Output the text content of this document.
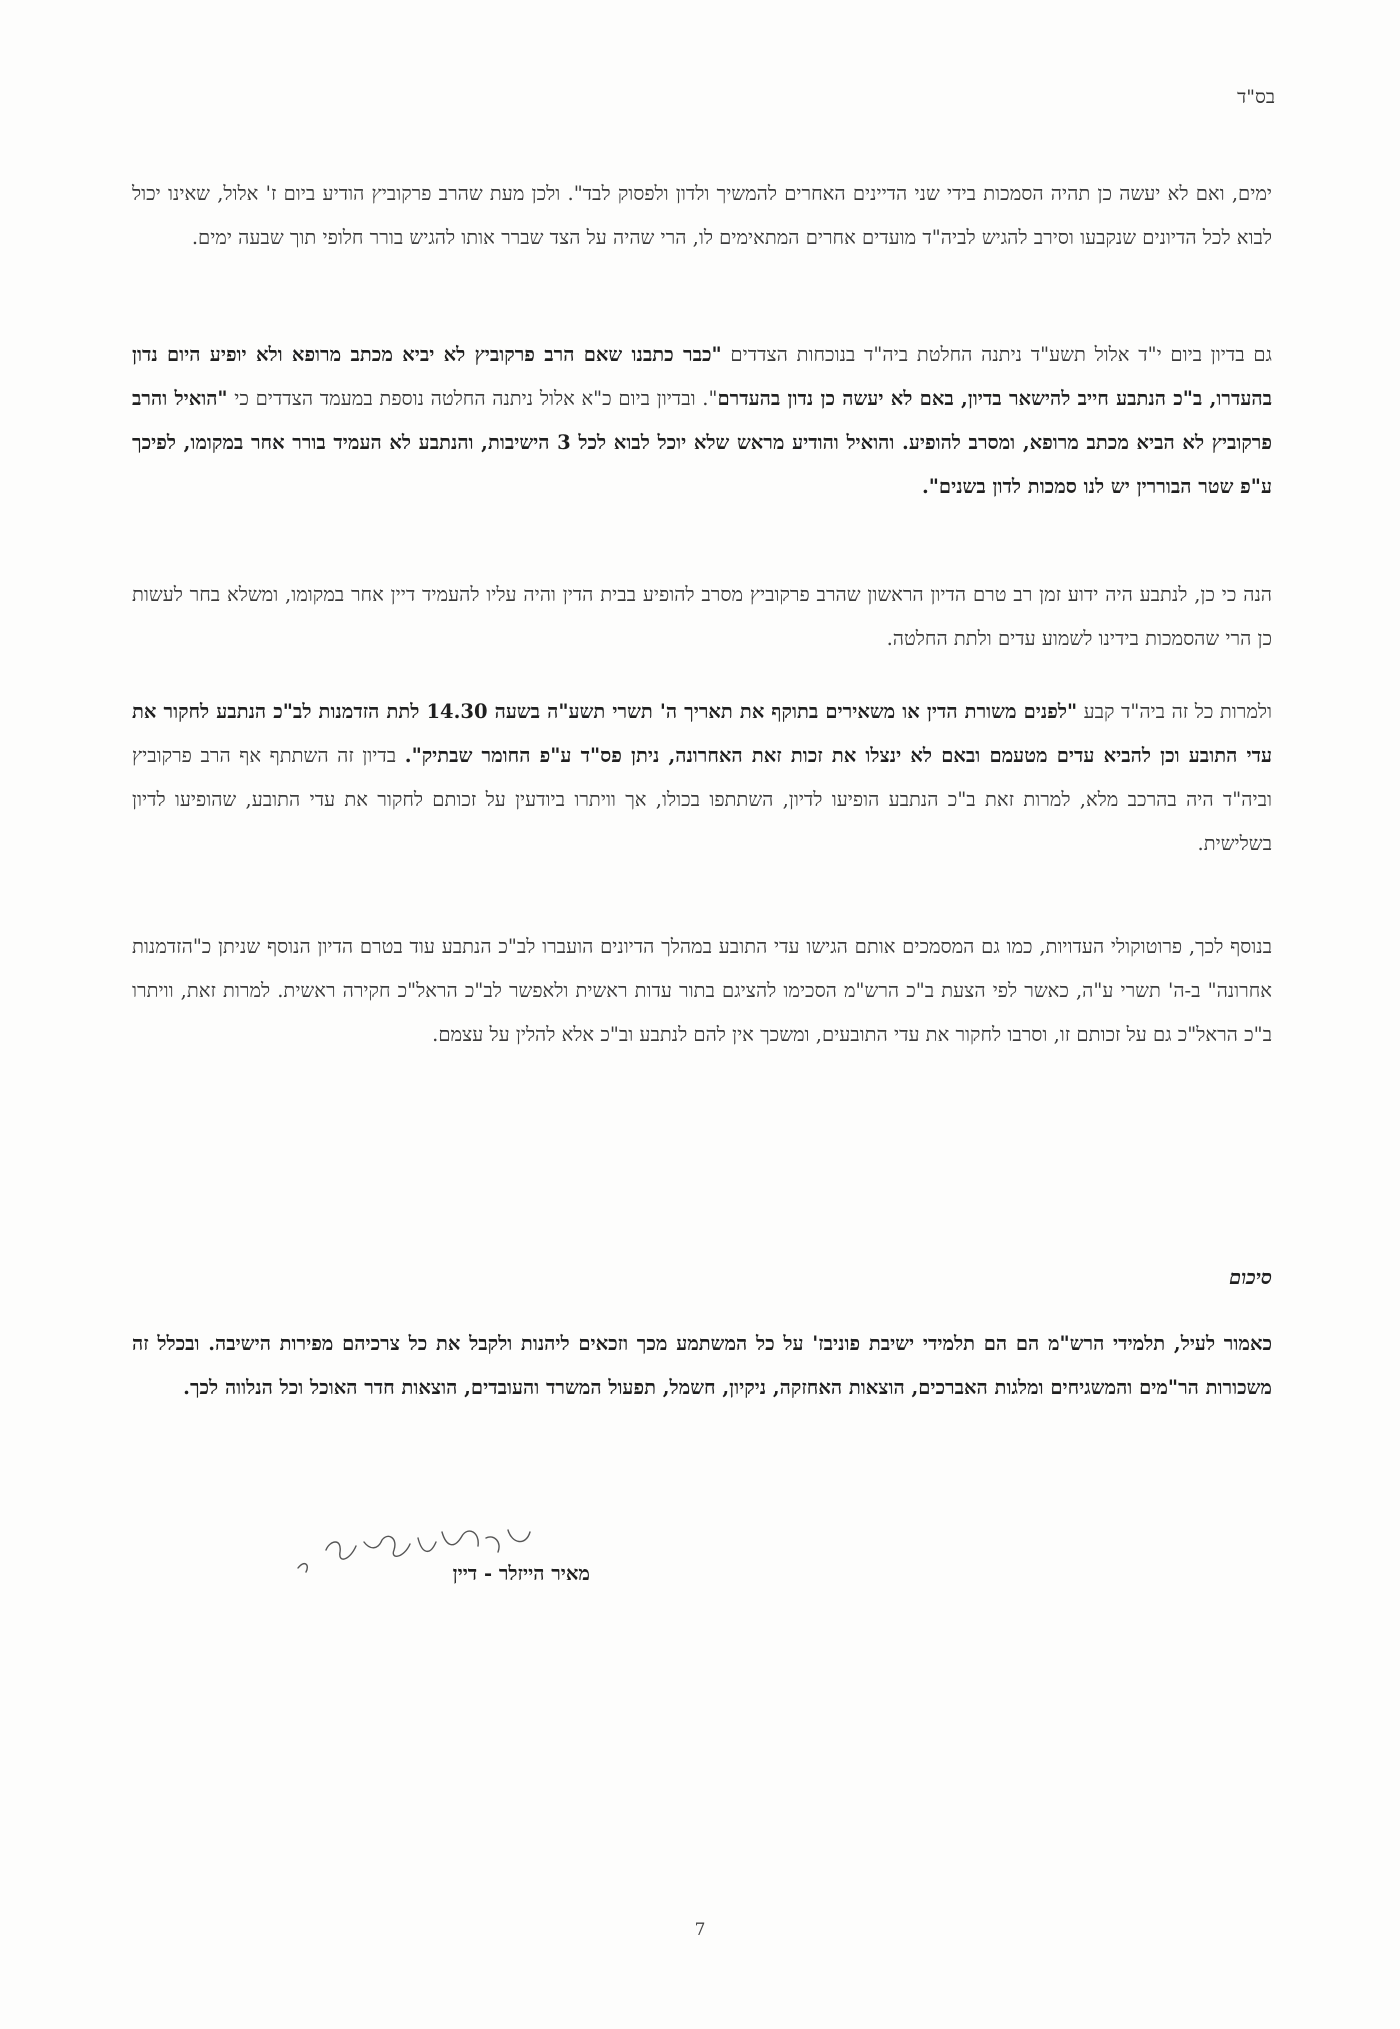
בס"ד

ימים, ואם לא יעשה כן תהיה הסמכות בידי שני הדיינים האחרים להמשיך ולדון ולפסוק לבד". ולכן מעת שהרב פרקוביץ הודיע ביום ז' אלול, שאינו יכול לבוא לכל הדיונים שנקבעו וסירב להגיש לביה"ד מועדים אחרים המתאימים לו, הרי שהיה על הצד שברר אותו להגיש בורר חלופי תוך שבעה ימים.

גם בדיון ביום י"ד אלול תשע"ד ניתנה החלטת ביה"ד בנוכחות הצדדים "כבר כתבנו שאם הרב פרקוביץ לא יביא מכתב מרופא ולא יופיע היום נדון בהעדרו, ב"כ הנתבע חייב להישאר בדיון, באם לא יעשה כן נדון בהעדרם". ובדיון ביום כ"א אלול ניתנה החלטה נוספת במעמד הצדדים כי "הואיל והרב פרקוביץ לא הביא מכתב מרופא, ומסרב להופיע. והואיל והודיע מראש שלא יוכל לבוא לכל 3 הישיבות, והנתבע לא העמיד בורר אחר במקומו, לפיכך ע"פ שטר הבוררין יש לנו סמכות לדון בשנים".

הנה כי כן, לנתבע היה ידוע זמן רב טרם הדיון הראשון שהרב פרקוביץ מסרב להופיע בבית הדין והיה עליו להעמיד דיין אחר במקומו, ומשלא בחר לעשות כן הרי שהסמכות בידינו לשמוע עדים ולתת החלטה.

ולמרות כל זה ביה"ד קבע "לפנים משורת הדין או משאירים בתוקף את תאריך ה' תשרי תשע"ה בשעה 14.30 לתת הזדמנות לב"כ הנתבע לחקור את עדי התובע וכן להביא עדים מטעמם ובאם לא ינצלו את זכות זאת האחרונה, ניתן פס"ד ע"פ החומר שבתיק". בדיון זה השתתף אף הרב פרקוביץ וביה"ד היה בהרכב מלא, למרות זאת ב"כ הנתבע הופיעו לדיון, השתתפו בכולו, אך וויתרו ביודעין על זכותם לחקור את עדי התובע, שהופיעו לדיון בשלישית.

בנוסף לכך, פרוטוקולי העדויות, כמו גם המסמכים אותם הגישו עדי התובע במהלך הדיונים הועברו לב"כ הנתבע עוד בטרם הדיון הנוסף שניתן כ"הזדמנות אחרונה" ב-ה' תשרי ע"ה, כאשר לפי הצעת ב"כ הרש"מ הסכימו להציגם בתור עדות ראשית ולאפשר לב"כ הראל"כ חקירה ראשית. למרות זאת, וויתרו ב"כ הראל"כ גם על זכותם זו, וסרבו לחקור את עדי התובעים, ומשכך אין להם לנתבע וב"כ אלא להלין על עצמם.

סיכום

כאמור לעיל, תלמידי הרש"מ הם הם תלמידי ישיבת פוניבז' על כל המשתמע מכך וזכאים ליהנות ולקבל את כל צרכיהם מפירות הישיבה. ובכלל זה משכורות הר"מים והמשגיחים ומלגות האברכים, הוצאות האחזקה, ניקיון, חשמל, תפעול המשרד והעובדים, הוצאות חדר האוכל וכל הנלווה לכך.

מאיר הייזלר - דיין
7
